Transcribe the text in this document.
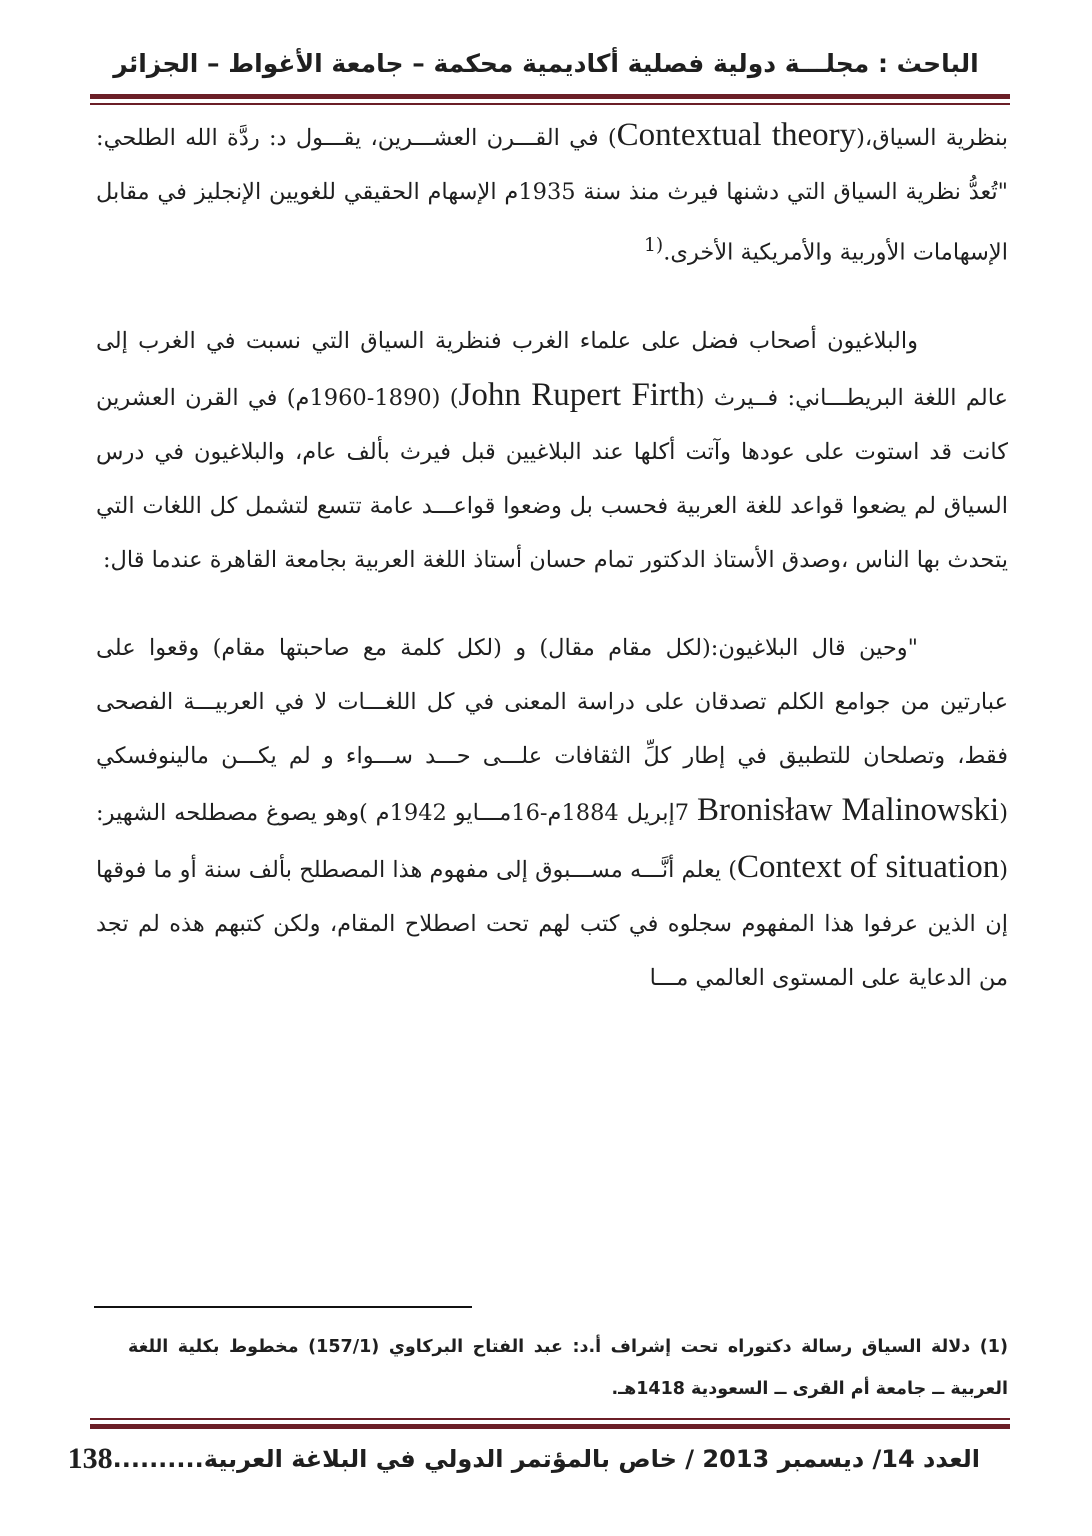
الباحث : مجلـــة دولية فصلية أكاديمية محكمة – جامعة الأغواط – الجزائر

بنظرية السياق،(Contextual theory) في القـــرن العشـــرين، يقـــول د: ردَّة الله الطلحي: "تُعدُّ نظرية السياق التي دشنها فيرث منذ سنة 1935م الإسهام الحقيقي للغويين الإنجليز في مقابل الإسهامات الأوربية والأمريكية الأخرى.$^{(1}$

والبلاغيون أصحاب فضل على علماء الغرب فنظرية السياق التي نسبت في الغرب إلى عالم اللغة البريطـــاني: فــيرث (John Rupert Firth) (1890-1960م) في القرن العشرين كانت قد استوت على عودها وآتت أكلها عند البلاغيين قبل فيرث بألف عام، والبلاغيون في درس السياق لم يضعوا قواعد للغة العربية فحسب بل وضعوا قواعـــد عامة تتسع لتشمل كل اللغات التي يتحدث بها الناس ،وصدق الأستاذ الدكتور تمام حسان أستاذ اللغة العربية بجامعة القاهرة عندما قال:

"وحين قال البلاغيون:(لكل مقام مقال) و (لكل كلمة مع صاحبتها مقام) وقعوا على عبارتين من جوامع الكلم تصدقان على دراسة المعنى في كل اللغـــات لا في العربيـــة الفصحى فقط، وتصلحان للتطبيق في إطار كلِّ الثقافات علـــى حـــد ســـواء و لم يكـــن مالينوفسكي (Bronisław Malinowski 7إبريل 1884م-16مـــايو 1942م )وهو يصوغ مصطلحه الشهير:(Context of situation) يعلم أنَّـــه مســـبوق إلى مفهوم هذا المصطلح بألف سنة أو ما فوقها إن الذين عرفوا هذا المفهوم سجلوه في كتب لهم تحت اصطلاح المقام، ولكن كتبهم هذه لم تجد من الدعاية على المستوى العالمي مـــا

(1) دلالة السياق رسالة دكتوراه تحت إشراف أ.د: عبد الفتاح البركاوي (157/1) مخطوط بكلية اللغة العربية ــ جامعة أم القرى ــ السعودية 1418هـ.

العدد 14/ ديسمبر 2013 / خاص بالمؤتمر الدولي في البلاغة العربية..........
138
